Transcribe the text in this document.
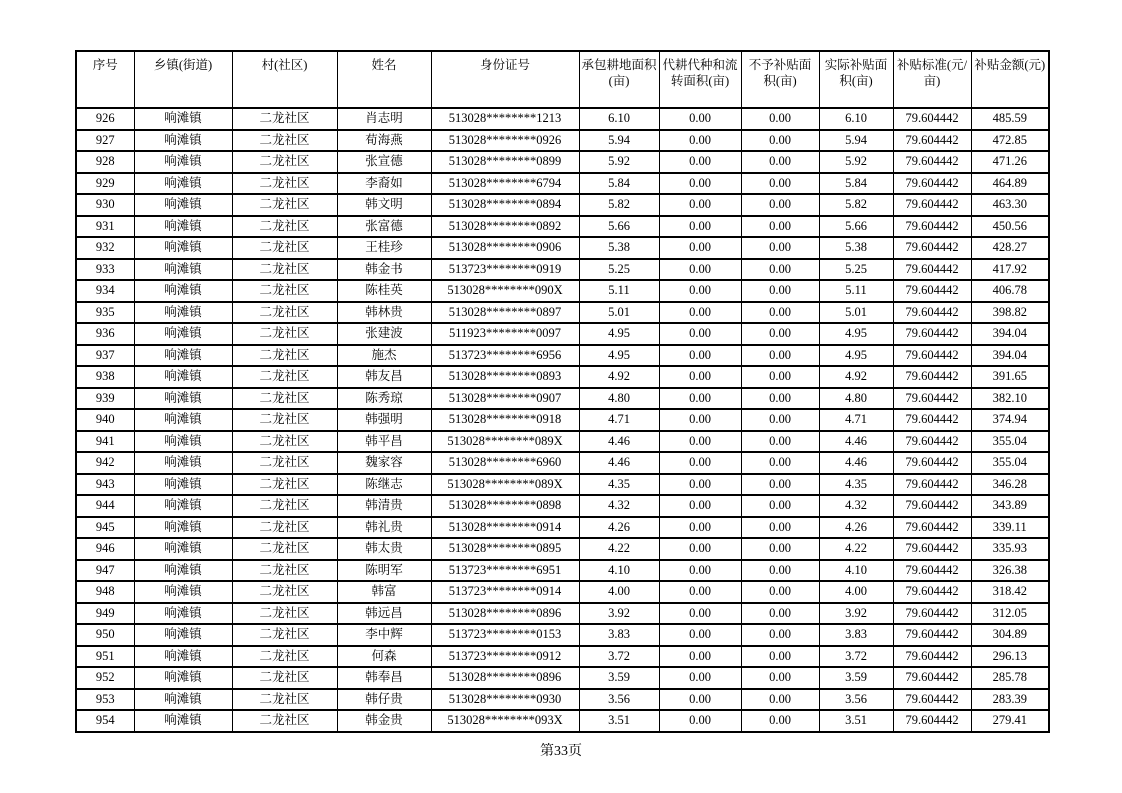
序号	乡镇(街道)	村(社区)	姓名	身份证号	承包耕地面积(亩)	代耕代种和流转面积(亩)	不予补贴面积(亩)	实际补贴面积(亩)	补贴标准(元/亩)	补贴金额(元)
926	响滩镇	二龙社区	肖志明	513028********1213	6.10	0.00	0.00	6.10	79.604442	485.59
927	响滩镇	二龙社区	荀海燕	513028********0926	5.94	0.00	0.00	5.94	79.604442	472.85
928	响滩镇	二龙社区	张宣德	513028********0899	5.92	0.00	0.00	5.92	79.604442	471.26
929	响滩镇	二龙社区	李裔如	513028********6794	5.84	0.00	0.00	5.84	79.604442	464.89
930	响滩镇	二龙社区	韩文明	513028********0894	5.82	0.00	0.00	5.82	79.604442	463.30
931	响滩镇	二龙社区	张富德	513028********0892	5.66	0.00	0.00	5.66	79.604442	450.56
932	响滩镇	二龙社区	王桂珍	513028********0906	5.38	0.00	0.00	5.38	79.604442	428.27
933	响滩镇	二龙社区	韩金书	513723********0919	5.25	0.00	0.00	5.25	79.604442	417.92
934	响滩镇	二龙社区	陈桂英	513028********090X	5.11	0.00	0.00	5.11	79.604442	406.78
935	响滩镇	二龙社区	韩林贵	513028********0897	5.01	0.00	0.00	5.01	79.604442	398.82
936	响滩镇	二龙社区	张建波	511923********0097	4.95	0.00	0.00	4.95	79.604442	394.04
937	响滩镇	二龙社区	施杰	513723********6956	4.95	0.00	0.00	4.95	79.604442	394.04
938	响滩镇	二龙社区	韩友昌	513028********0893	4.92	0.00	0.00	4.92	79.604442	391.65
939	响滩镇	二龙社区	陈秀琼	513028********0907	4.80	0.00	0.00	4.80	79.604442	382.10
940	响滩镇	二龙社区	韩强明	513028********0918	4.71	0.00	0.00	4.71	79.604442	374.94
941	响滩镇	二龙社区	韩平昌	513028********089X	4.46	0.00	0.00	4.46	79.604442	355.04
942	响滩镇	二龙社区	魏家容	513028********6960	4.46	0.00	0.00	4.46	79.604442	355.04
943	响滩镇	二龙社区	陈继志	513028********089X	4.35	0.00	0.00	4.35	79.604442	346.28
944	响滩镇	二龙社区	韩清贵	513028********0898	4.32	0.00	0.00	4.32	79.604442	343.89
945	响滩镇	二龙社区	韩礼贵	513028********0914	4.26	0.00	0.00	4.26	79.604442	339.11
946	响滩镇	二龙社区	韩太贵	513028********0895	4.22	0.00	0.00	4.22	79.604442	335.93
947	响滩镇	二龙社区	陈明军	513723********6951	4.10	0.00	0.00	4.10	79.604442	326.38
948	响滩镇	二龙社区	韩富	513723********0914	4.00	0.00	0.00	4.00	79.604442	318.42
949	响滩镇	二龙社区	韩远昌	513028********0896	3.92	0.00	0.00	3.92	79.604442	312.05
950	响滩镇	二龙社区	李中辉	513723********0153	3.83	0.00	0.00	3.83	79.604442	304.89
951	响滩镇	二龙社区	何森	513723********0912	3.72	0.00	0.00	3.72	79.604442	296.13
952	响滩镇	二龙社区	韩奉昌	513028********0896	3.59	0.00	0.00	3.59	79.604442	285.78
953	响滩镇	二龙社区	韩仔贵	513028********0930	3.56	0.00	0.00	3.56	79.604442	283.39
954	响滩镇	二龙社区	韩金贵	513028********093X	3.51	0.00	0.00	3.51	79.604442	279.41
第33页
